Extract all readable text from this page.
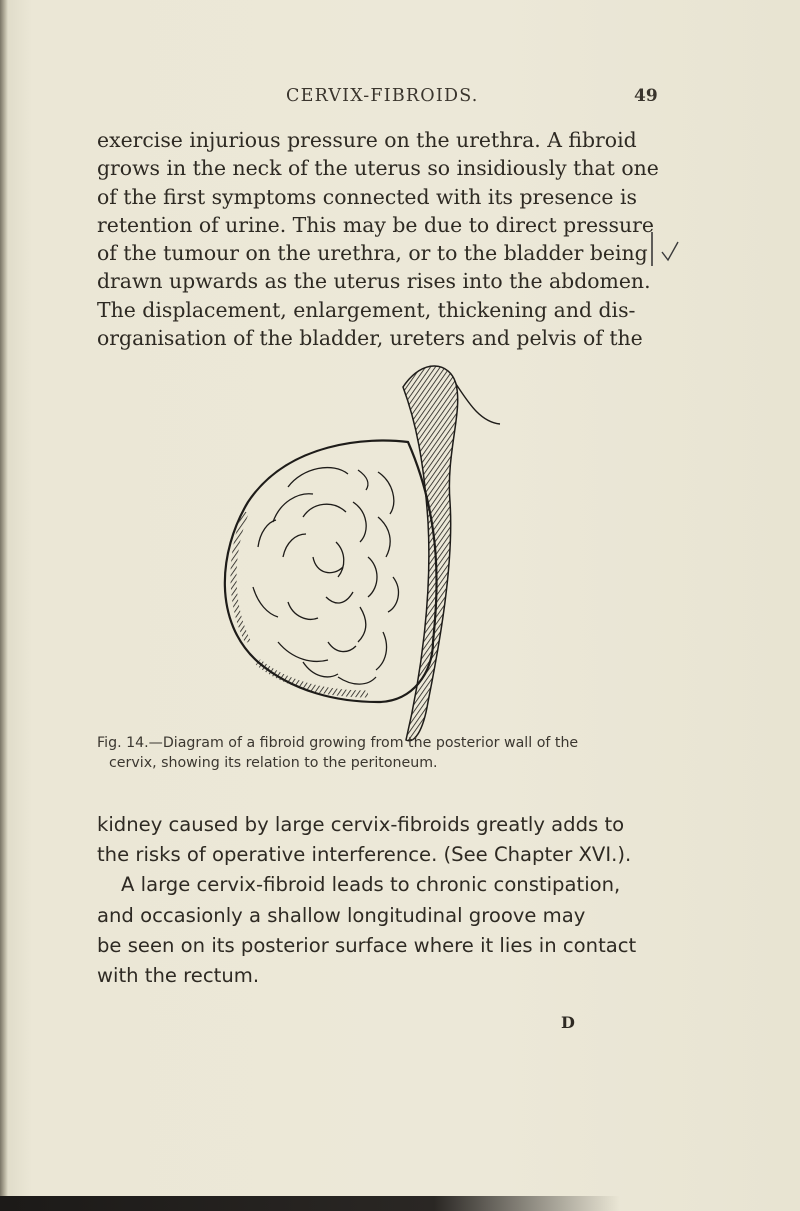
CERVIX-FIBROIDS.	49
exercise injurious pressure on the urethra. A fibroid
grows in the neck of the uterus so insidiously that one
of the first symptoms connected with its presence is
retention of urine. This may be due to direct pressure
of the tumour on the urethra, or to the bladder being
drawn upwards as the uterus rises into the abdomen.
The displacement, enlargement, thickening and dis-
organisation of the bladder, ureters and pelvis of the
Fig. 14.—Diagram of a fibroid growing from the posterior wall of the
cervix, showing its relation to the peritoneum.
kidney caused by large cervix-fibroids greatly adds to
the risks of operative interference. (See Chapter XVI.).
A large cervix-fibroid leads to chronic constipation,
and occasionly a shallow longitudinal groove may
be seen on its posterior surface where it lies in contact
with the rectum.
D
